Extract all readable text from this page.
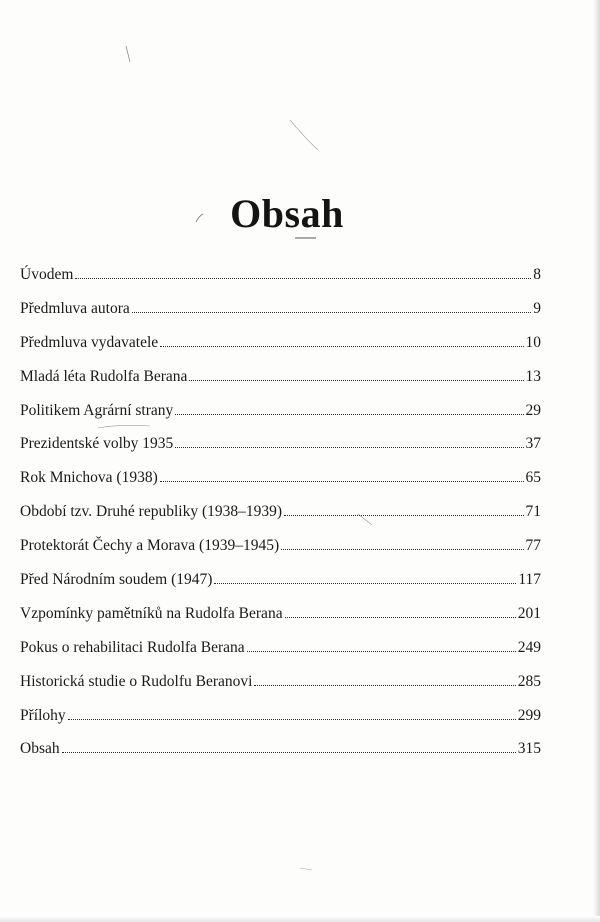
Obsah
Úvodem	8
Předmluva autora	9
Předmluva vydavatele	10
Mladá léta Rudolfa Berana	13
Politikem Agrární strany	29
Prezidentské volby 1935	37
Rok Mnichova (1938)	65
Období tzv. Druhé republiky (1938–1939)	71
Protektorát Čechy a Morava (1939–1945)	77
Před Národním soudem (1947)	117
Vzpomínky pamětníků na Rudolfa Berana	201
Pokus o rehabilitaci Rudolfa Berana	249
Historická studie o Rudolfu Beranovi	285
Přílohy	299
Obsah	315
